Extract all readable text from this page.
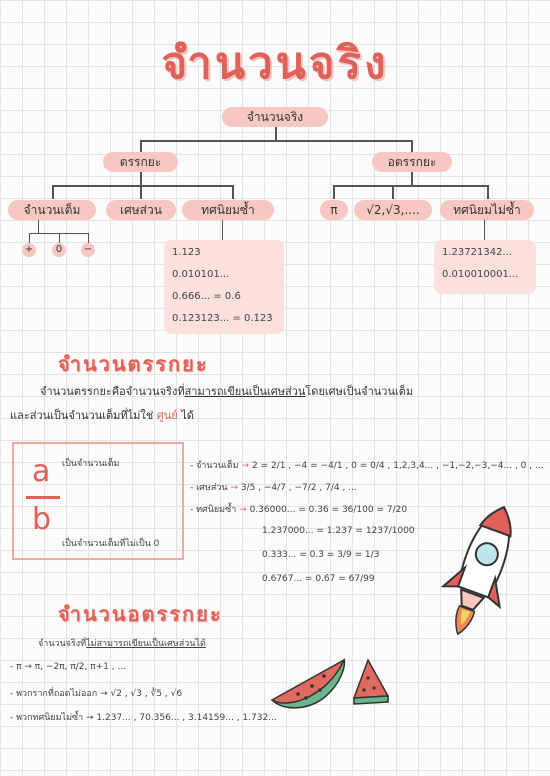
จำนวนจริง
จำนวนจริง
ตรรกยะ	อตรรกยะ
จำนวนเต็ม	เศษส่วน	ทศนิยมซ้ำ	π	√2,√3,....	ทศนิยมไม่ซ้ำ
+	0	−	1.123
0.010101...
0.666... = 0.6̇
0.123123... = 0.1̇23̇
1.23721342...
0.010010001...
จำนวนตรรกยะ
จำนวนตรรกยะคือจำนวนจริงที่สามารถเขียนเป็นเศษส่วนโดยเศษเป็นจำนวนเต็ม
และส่วนเป็นจำนวนเต็มที่ไม่ใช่ ศูนย์ ได้
a
b
เป็นจำนวนเต็ม
เป็นจำนวนเต็มที่ไม่เป็น 0
- จำนวนเต็ม → 2 = 2/1 , −4 = −4/1 , 0 = 0/4 , 1,2,3,4... , −1,−2,−3,−4... , 0 , ...
- เศษส่วน → 3/5 , −4/7 , −7/2 , 7/4 , ...
- ทศนิยมซ้ำ → 0.36000... = 0.36 = 36/100 = 7/20
1.237000... = 1.237 = 1237/1000
0.333... = 0.3̇ = 3/9 = 1/3
0.6767... = 0.6̇7̇ = 67/99
จำนวนอตรรกยะ
จำนวนจริงที่ไม่สามารถเขียนเป็นเศษส่วนได้
- π → π, −2π, π/2, π+1 , ...
- พวกรากที่ถอดไม่ออก → √2 , √3 , ∛5 , √6
- พวกทศนิยมไม่ซ้ำ → 1.237... , 70.356... , 3.14159... , 1.732...
